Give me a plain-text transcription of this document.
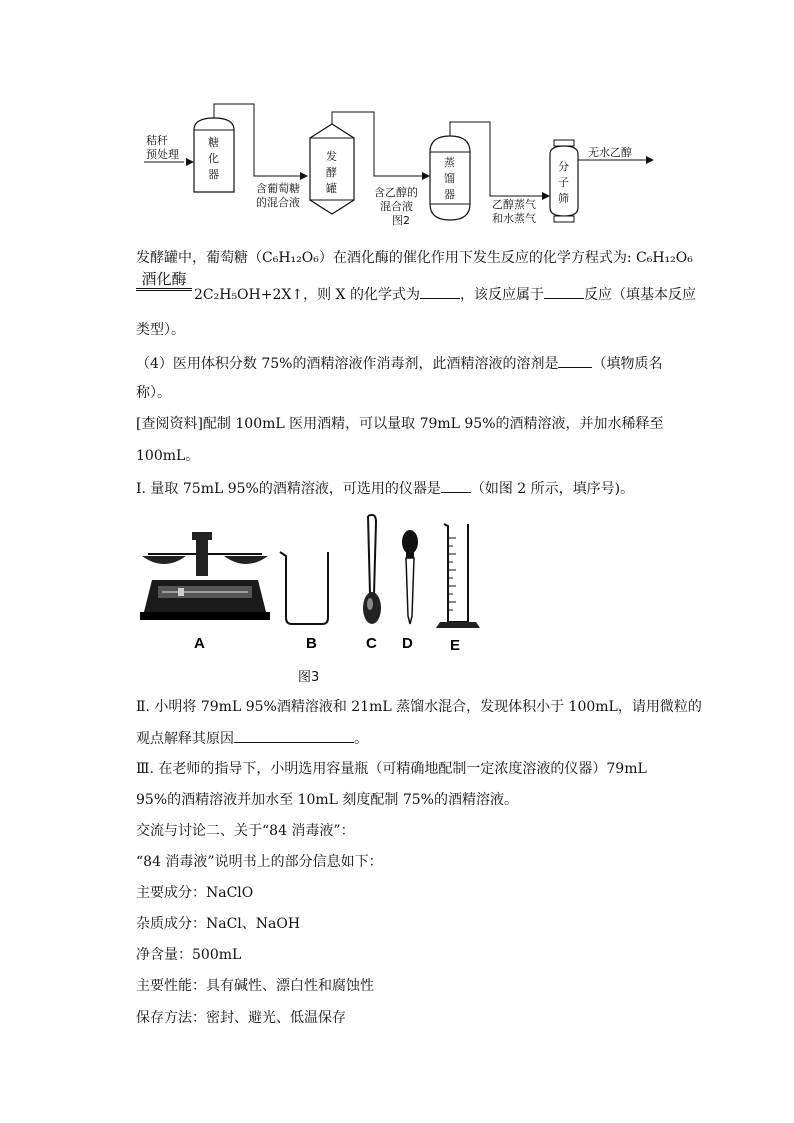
秸秆
预处理
糖
化
器
含葡萄糖
的混合液
发
酵
罐	含乙醇的
混合液
图2
蒸
馏
器
乙醇蒸气
和水蒸气
分
子
筛
无水乙醇
发酵罐中，葡萄糖（C₆H₁₂O₆）在酒化酶的催化作用下发生反应的化学方程式为: C₆H₁₂O₆
酒化酶
2C₂H₅OH+2X↑，则 X 的化学式为	，该反应属于	反应（填基本反应
类型）。
（4）医用体积分数 75%的酒精溶液作消毒剂，此酒精溶液的溶剂是 （填物质名
称）。
[查阅资料]配制 100mL 医用酒精，可以量取 79mL 95%的酒精溶液，并加水稀释至
100mL。
Ⅰ. 量取 75mL 95%的酒精溶液，可选用的仪器是 （如图 2 所示，填序号)。
A	B	C D E
图3
Ⅱ. 小明将 79mL 95%酒精溶液和 21mL 蒸馏水混合，发现体积小于 100mL，请用微粒的
观点解释其原因	。
Ⅲ. 在老师的指导下，小明选用容量瓶（可精确地配制一定浓度溶液的仪器）79mL
95%的酒精溶液并加水至 10mL 刻度配制 75%的酒精溶液。
交流与讨论二、关于“84 消毒液”：
“84 消毒液”说明书上的部分信息如下：
主要成分：NaClO
杂质成分：NaCl、NaOH
净含量：500mL
主要性能：具有碱性、漂白性和腐蚀性
保存方法：密封、避光、低温保存
